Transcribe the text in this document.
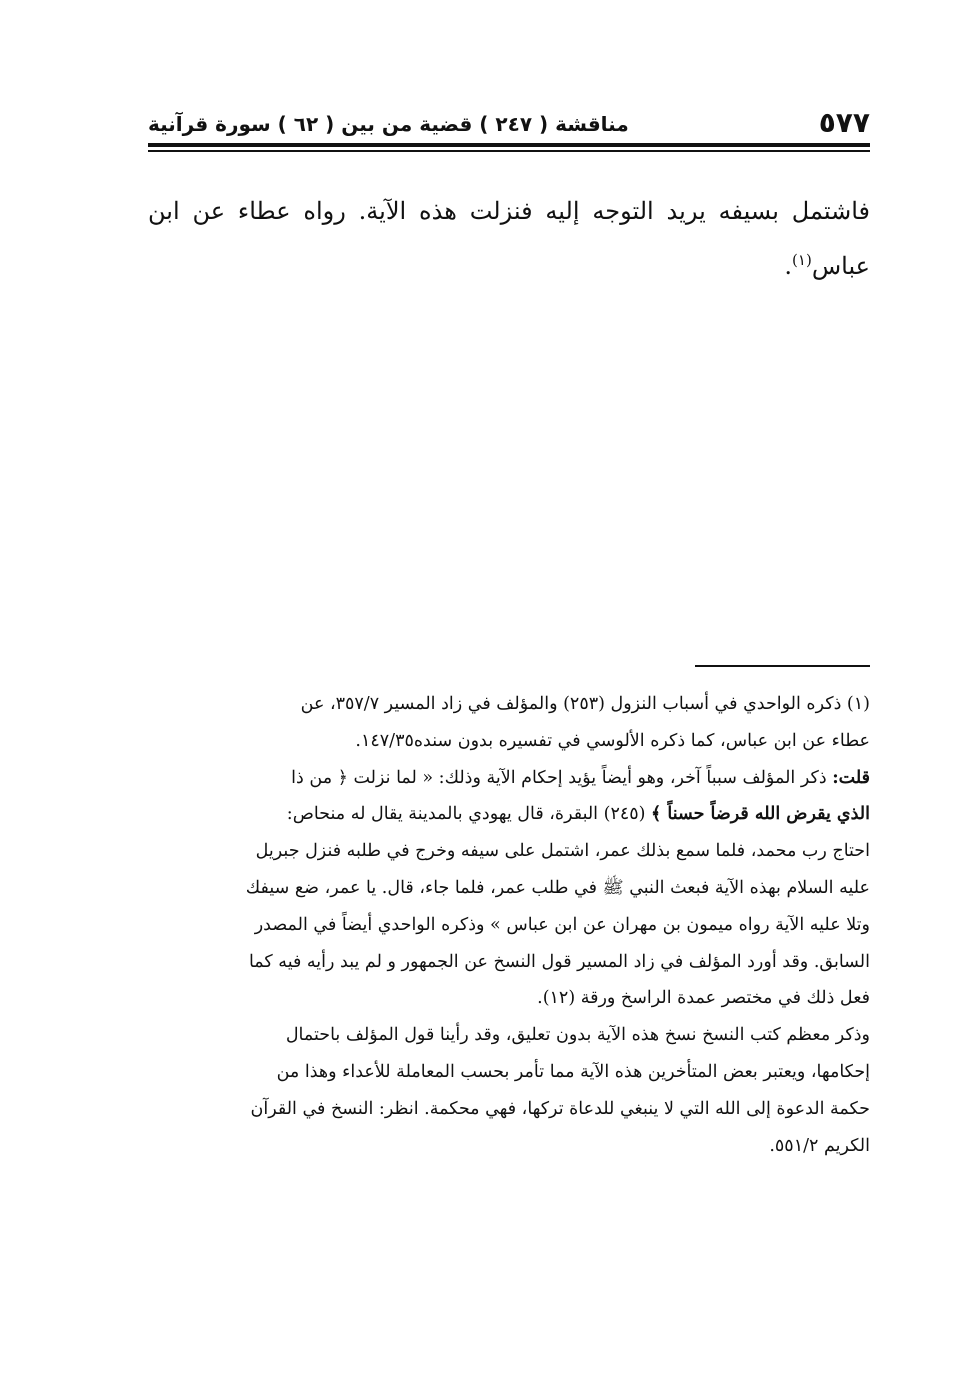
٥٧٧
مناقشة ( ٢٤٧ ) قضية من بين ( ٦٢ ) سورة قرآنية
فاشتمل بسيفه يريد التوجه إليه فنزلت هذه الآية. رواه عطاء عن ابن
عباس$^{(١)}$.
(١) ذكره الواحدي في أسباب النزول (٢٥٣) والمؤلف في زاد المسير ٣٥٧/٧، عن
عطاء عن ابن عباس، كما ذكره الألوسي في تفسيره بدون سنده١٤٧/٣٥.
قلت: ذكر المؤلف سبباً آخر، وهو أيضاً يؤيد إحكام الآية وذلك: « لما نزلت ﴿ من ذا
الذي يقرض الله قرضاً حسناً ﴾ (٢٤٥) البقرة، قال يهودي بالمدينة يقال له منحاص:
احتاج رب محمد، فلما سمع بذلك عمر، اشتمل على سيفه وخرج في طلبه فنزل جبريل
عليه السلام بهذه الآية فبعث النبي ﷺ في طلب عمر، فلما جاء، قال. يا عمر، ضع سيفك
وتلا عليه الآية رواه ميمون بن مهران عن ابن عباس » وذكره الواحدي أيضاً في المصدر
السابق. وقد أورد المؤلف في زاد المسير قول النسخ عن الجمهور و لم يبد رأيه فيه كما
فعل ذلك في مختصر عمدة الراسخ ورقة (١٢).
وذكر معظم كتب النسخ نسخ هذه الآية بدون تعليق، وقد رأينا قول المؤلف باحتمال
إحكامها، ويعتبر بعض المتأخرين هذه الآية مما تأمر بحسب المعاملة للأعداء وهذا من
حكمة الدعوة إلى الله التي لا ينبغي للدعاة تركها، فهي محكمة. انظر: النسخ في القرآن
الكريم ٥٥١/٢.
